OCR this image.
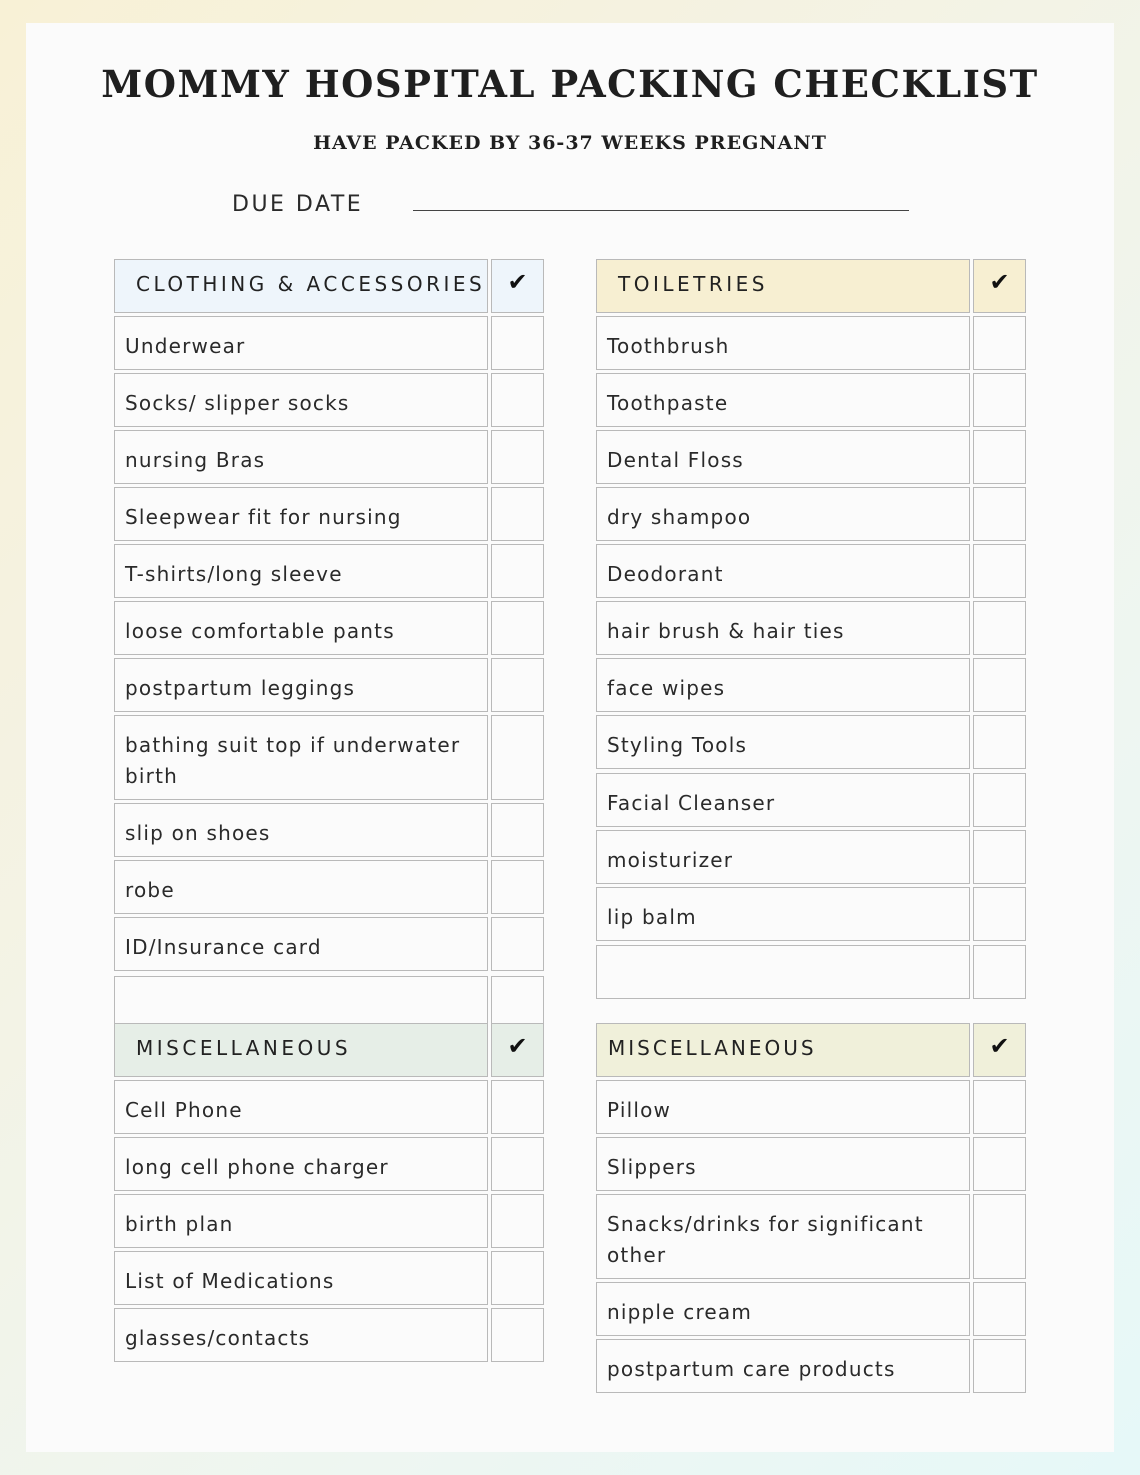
MOMMY HOSPITAL PACKING CHECKLIST
HAVE PACKED BY 36-37 WEEKS PREGNANT
DUE DATE
CLOTHING & ACCESSORIES ✔
Underwear
Socks/ slipper socks
nursing Bras
Sleepwear fit for nursing
T-shirts/long sleeve
loose comfortable pants
postpartum leggings
bathing suit top if underwater birth
slip on shoes
robe
ID/Insurance card
TOILETRIES	✔
Toothbrush
Toothpaste
Dental Floss
dry shampoo
Deodorant
hair brush & hair ties
face wipes
Styling Tools
Facial Cleanser
moisturizer
lip balm
MISCELLANEOUS	✔
Cell Phone
long cell phone charger
birth plan
List of Medications
glasses/contacts
MISCELLANEOUS	✔
Pillow
Slippers
Snacks/drinks for significant other
nipple cream
postpartum care products
